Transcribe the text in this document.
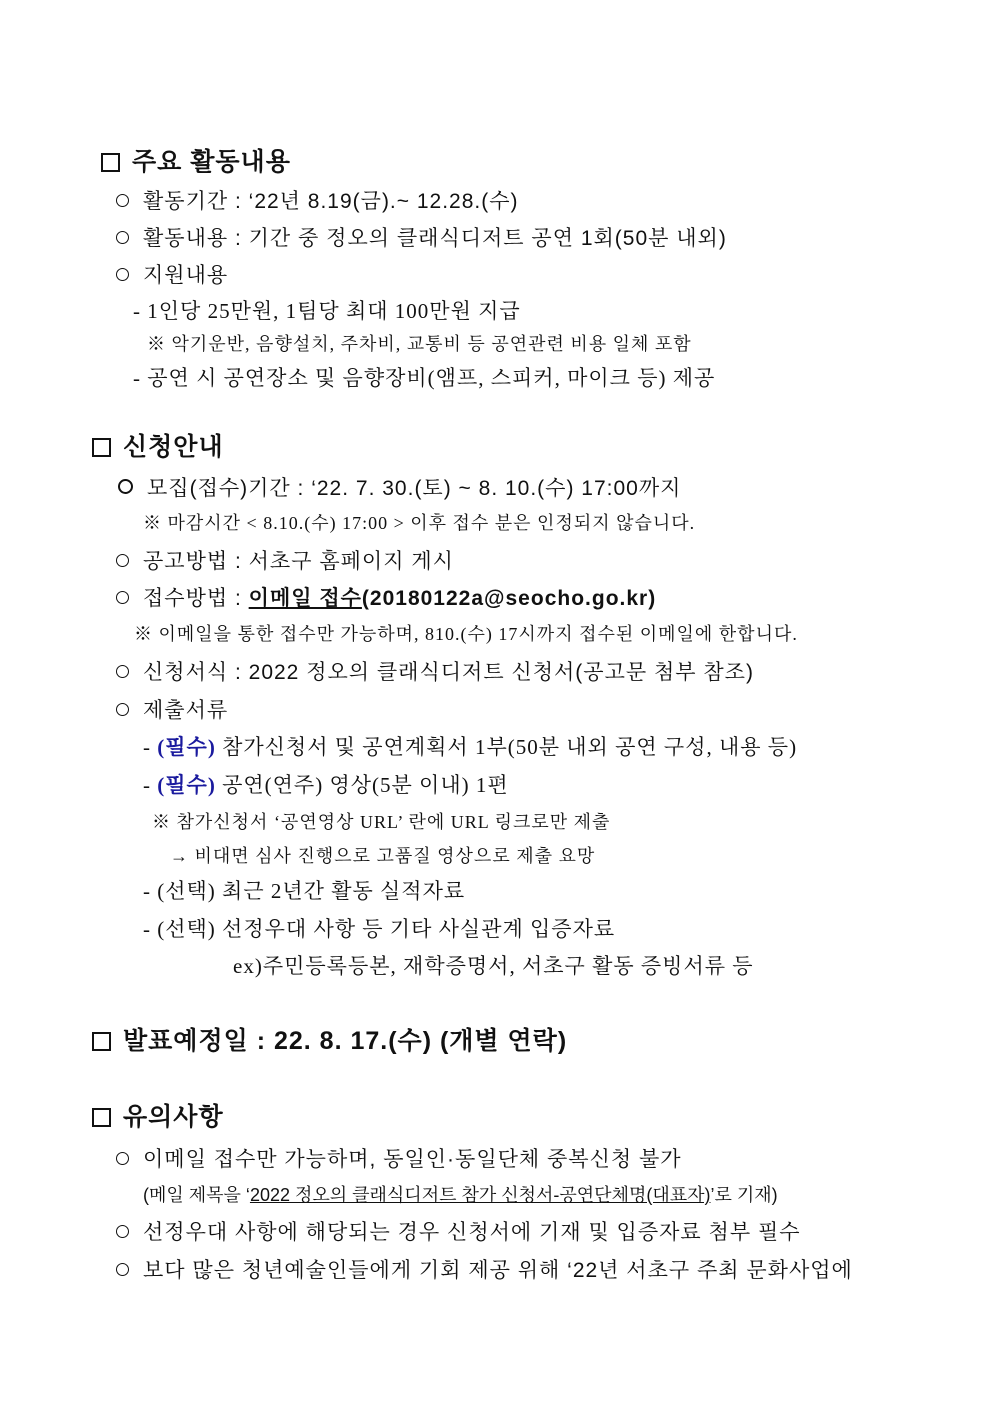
주요 활동내용
활동기간 : ‘22년 8.19(금).~ 12.28.(수)
활동내용 : 기간 중 정오의 클래식디저트 공연 1회(50분 내외)
지원내용
- 1인당 25만원, 1팀당 최대 100만원 지급
※ 악기운반, 음향설치, 주차비, 교통비 등 공연관련 비용 일체 포함
- 공연 시 공연장소 및 음향장비(앰프, 스피커, 마이크 등) 제공
신청안내
모집(접수)기간 : ‘22. 7. 30.(토) ~ 8. 10.(수) 17:00까지
※ 마감시간 < 8.10.(수) 17:00 > 이후 접수 분은 인정되지 않습니다.
공고방법 : 서초구 홈페이지 게시
접수방법 : 이메일 접수(20180122a@seocho.go.kr)
※ 이메일을 통한 접수만 가능하며, 810.(수) 17시까지 접수된 이메일에 한합니다.
신청서식 : 2022 정오의 클래식디저트 신청서(공고문 첨부 참조)
제출서류
- (필수) 참가신청서 및 공연계획서 1부(50분 내외 공연 구성, 내용 등)
- (필수) 공연(연주) 영상(5분 이내) 1편
※ 참가신청서 ‘공연영상 URL’ 란에 URL 링크로만 제출
→ 비대면 심사 진행으로 고품질 영상으로 제출 요망
- (선택) 최근 2년간 활동 실적자료
- (선택) 선정우대 사항 등 기타 사실관계 입증자료
ex)주민등록등본, 재학증명서, 서초구 활동 증빙서류 등
발표예정일 : 22. 8. 17.(수) (개별 연락)
유의사항
이메일 접수만 가능하며, 동일인·동일단체 중복신청 불가
(메일 제목을 ‘2022 정오의 클래식디저트 참가 신청서-공연단체명(대표자)’로 기재)
선정우대 사항에 해당되는 경우 신청서에 기재 및 입증자료 첨부 필수
보다 많은 청년예술인들에게 기회 제공 위해 ‘22년 서초구 주최 문화사업에
